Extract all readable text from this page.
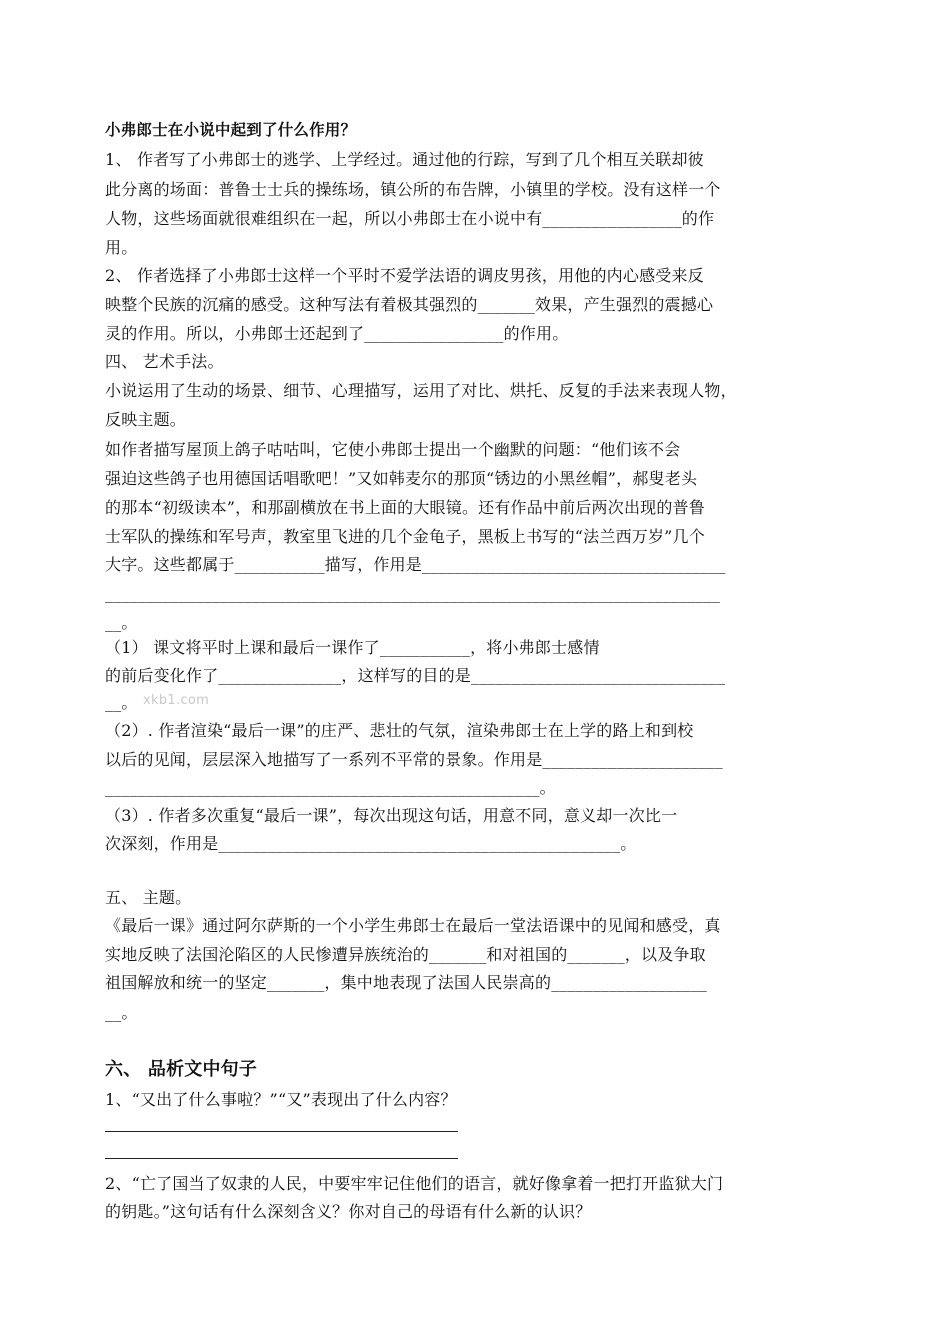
小弗郎士在小说中起到了什么作用？
1、 作者写了小弗郎士的逃学、上学经过。通过他的行踪，写到了几个相互关联却彼
此分离的场面：普鲁士士兵的操练场，镇公所的布告牌，小镇里的学校。没有这样一个
人物，这些场面就很难组织在一起，所以小弗郎士在小说中有_________________的作
用。
2、 作者选择了小弗郎士这样一个平时不爱学法语的调皮男孩，用他的内心感受来反
映整个民族的沉痛的感受。这种写法有着极其强烈的_______效果，产生强烈的震撼心
灵的作用。所以，小弗郎士还起到了_________________的作用。
四、 艺术手法。
小说运用了生动的场景、细节、心理描写，运用了对比、烘托、反复的手法来表现人物，
反映主题。
如作者描写屋顶上鸽子咕咕叫，它使小弗郎士提出一个幽默的问题：“他们该不会
强迫这些鸽子也用德国话唱歌吧！”又如韩麦尔的那顶“锈边的小黑丝帽”，郝叟老头
的那本“初级读本”，和那副横放在书上面的大眼镜。还有作品中前后两次出现的普鲁
士军队的操练和军号声，教室里飞进的几个金龟子，黑板上书写的“法兰西万岁”几个
大字。这些都属于___________描写，作用是_____________________________________
___________________________________________________________________________
__。
（1） 课文将平时上课和最后一课作了___________，将小弗郎士感情
的前后变化作了_______________，这样写的目的是_______________________________
__。 xkb1.com
（2）. 作者渲染“最后一课”的庄严、悲壮的气氛，渲染弗郎士在上学的路上和到校
以后的见闻，层层深入地描写了一系列不平常的景象。作用是______________________
_____________________________________________________。
（3）. 作者多次重复“最后一课”，每次出现这句话，用意不同，意义却一次比一
次深刻，作用是_________________________________________________。
五、 主题。
《最后一课》通过阿尔萨斯的一个小学生弗郎士在最后一堂法语课中的见闻和感受，真
实地反映了法国沦陷区的人民惨遭异族统治的_______和对祖国的_______，以及争取
祖国解放和统一的坚定_______，集中地表现了法国人民崇高的___________________
__。
六、 品析文中句子
1、“又出了什么事啦？”“又”表现出了什么内容？
2、“亡了国当了奴隶的人民，中要牢牢记住他们的语言，就好像拿着一把打开监狱大门
的钥匙。”这句话有什么深刻含义？你对自己的母语有什么新的认识？
